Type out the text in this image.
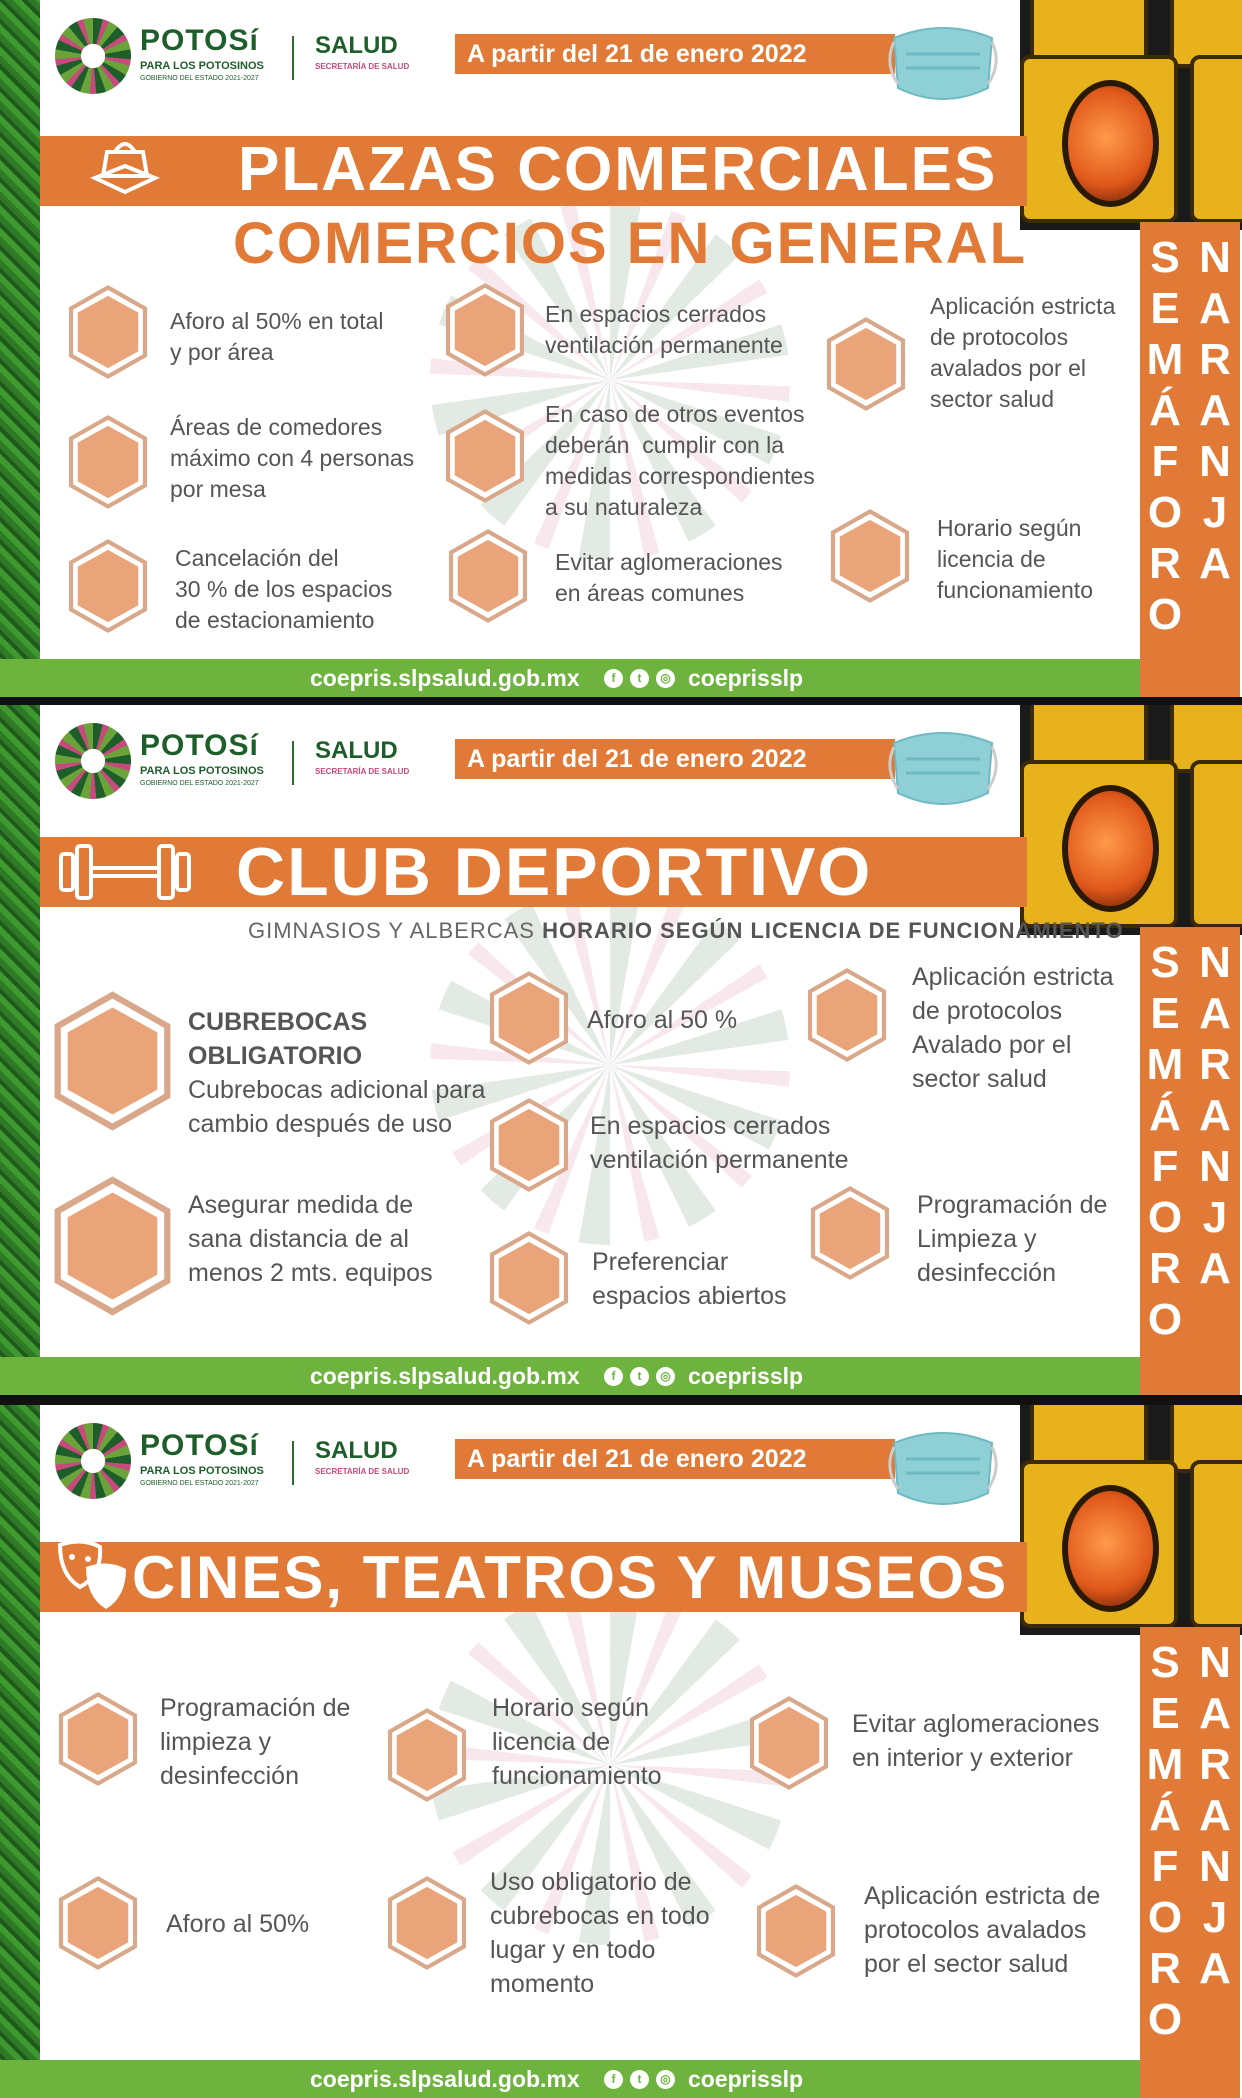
POTOSí
PARA LOS POTOSINOS
GOBIERNO DEL ESTADO 2021-2027
SALUD
SECRETARÍA DE SALUD	A partir del 21 de enero 2022
S
E
M
Á
F
O
R
O
N
A
R
A
N
J
A
PLAZAS COMERCIALES
COMERCIOS EN GENERAL
Aforo al 50% en total
y por área
En espacios cerrados
ventilación permanente
Aplicación estricta
de protocolos
avalados por el
sector salud
Áreas de comedores
máximo con 4 personas
por mesa
En caso de otros eventos
deberán  cumplir con la
medidas correspondientes
a su naturaleza
Horario según
licencia de
funcionamiento
Cancelación del
30 % de los espacios
de estacionamiento
Evitar aglomeraciones
en áreas comunes
coepris.slpsalud.gob.mx	f	t	◎ coeprisslp
POTOSí
PARA LOS POTOSINOS
GOBIERNO DEL ESTADO 2021-2027
SALUD
SECRETARÍA DE SALUD	A partir del 21 de enero 2022
S
E
M
Á
F
O
R
O
N
A
R
A
N
J
A
CLUB DEPORTIVO
GIMNASIOS Y ALBERCAS HORARIO SEGÚN LICENCIA DE FUNCIONAMIENTO
CUBREBOCAS
OBLIGATORIO
Cubrebocas adicional para
cambio después de uso
Aforo al 50 %
Aplicación estricta
de protocolos
Avalado por el
sector salud
En espacios cerrados
ventilación permanente
Asegurar medida de
sana distancia de al
menos 2 mts. equipos	Preferenciar
espacios abiertos
Programación de
Limpieza y
desinfección
coepris.slpsalud.gob.mx	f	t	◎ coeprisslp
POTOSí
PARA LOS POTOSINOS
GOBIERNO DEL ESTADO 2021-2027
SALUD
SECRETARÍA DE SALUD	A partir del 21 de enero 2022
S
E
M
Á
F
O
R
O
N
A
R
A
N
J
A
CINES, TEATROS Y MUSEOS
Programación de
limpieza y
desinfección
Horario según
licencia de
funcionamiento
Evitar aglomeraciones
en interior y exterior
Aforo al 50%
Uso obligatorio de
cubrebocas en todo
lugar y en todo
momento
Aplicación estricta de
protocolos avalados
por el sector salud
coepris.slpsalud.gob.mx	f	t	◎ coeprisslp
